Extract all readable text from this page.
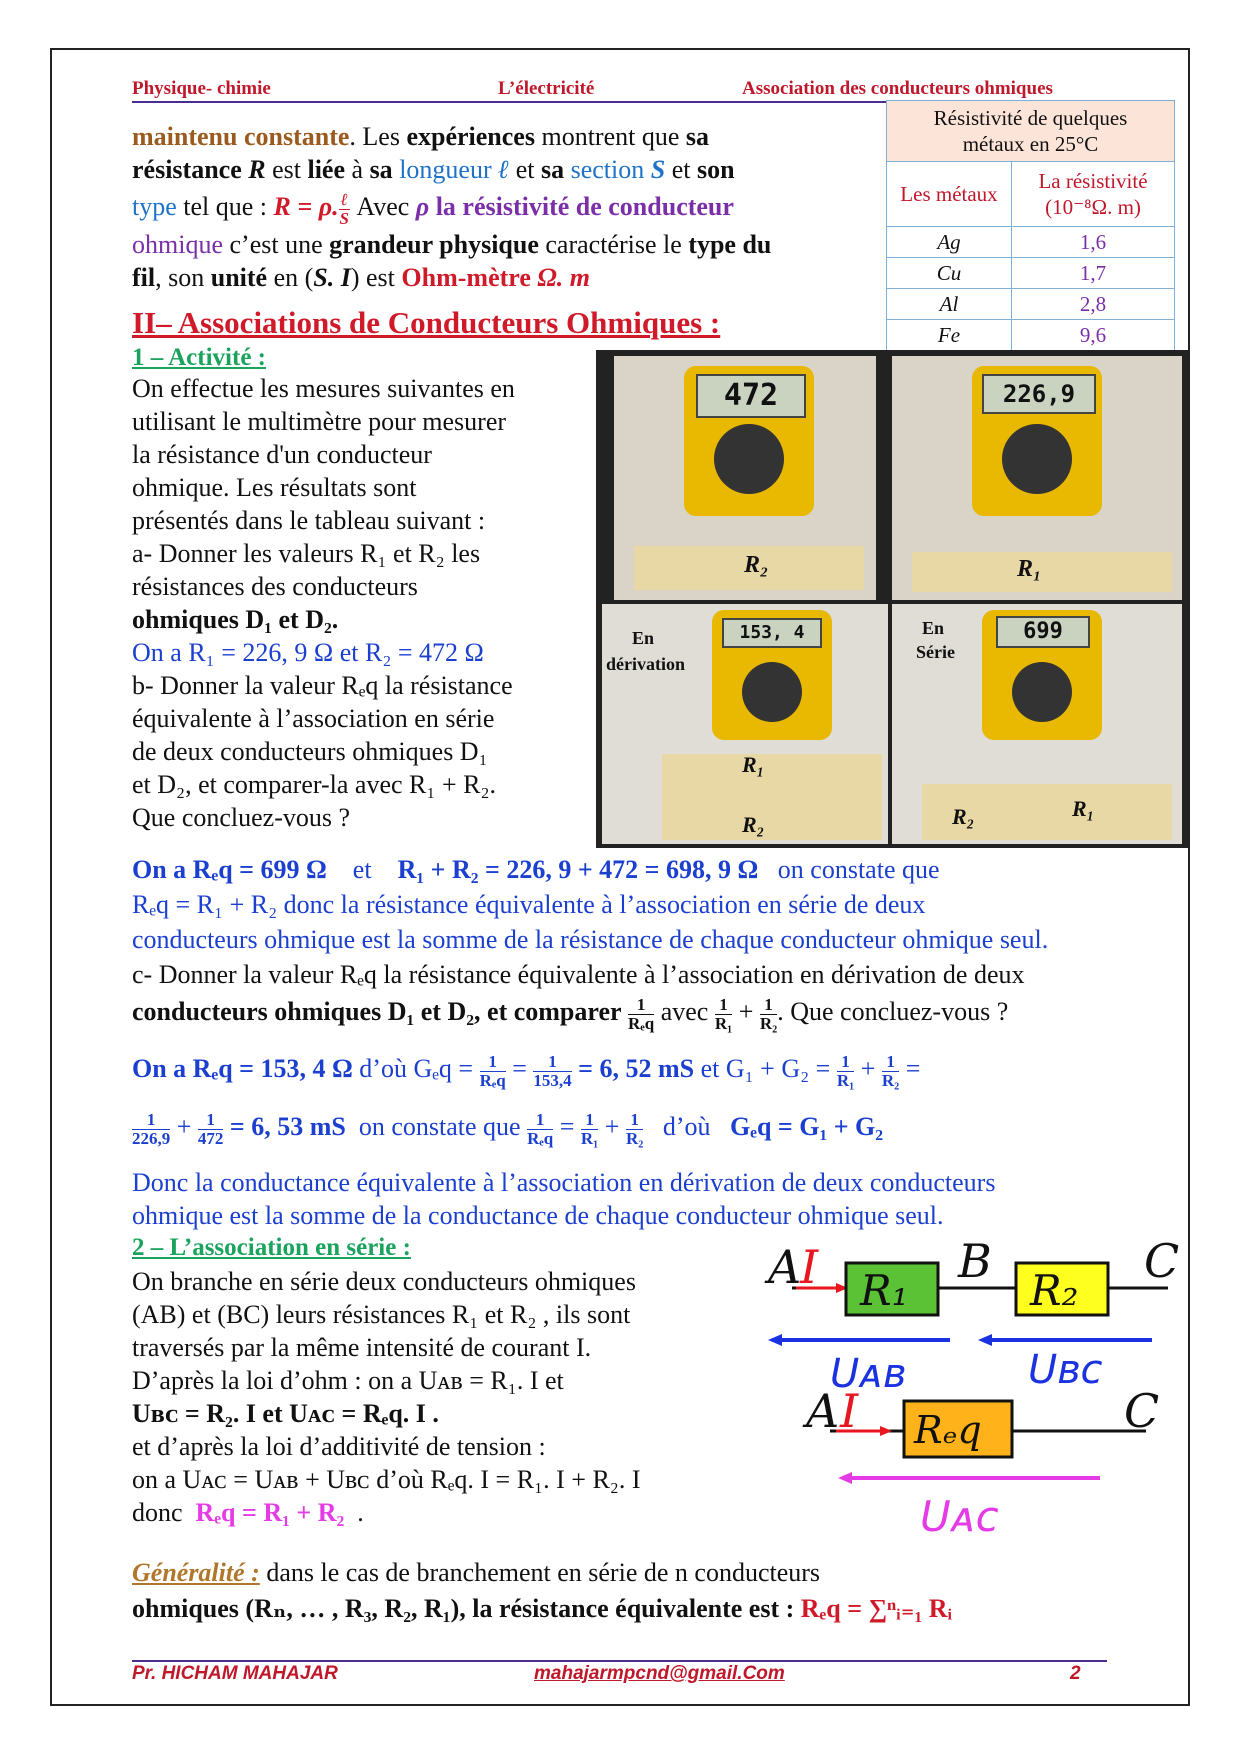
Physique- chimie	L’électricité	Association des conducteurs ohmiques
maintenu constante. Les expériences montrent que sa
résistance R est liée à sa longueur ℓ et sa section S et son
type tel que : R = ρ. $\frac{\text{ℓ}}{S}$ Avec ρ la résistivité de conducteur
ohmique c’est une grandeur physique caractérise le type du
fil, son unité en (S. I) est Ohm-mètre Ω. m
Résistivité de quelques
métaux en 25°C	

Les métaux	La résistivité
(10⁻⁸Ω. m)

Ag	1,6
Cu	1,7
Al	2,8
Fe	9,6
II– Associations de Conducteurs Ohmiques :
1 – Activité :
On effectue les mesures suivantes en
utilisant le multimètre pour mesurer
la résistance d'un conducteur
ohmique. Les résultats sont
présentés dans le tableau suivant :
a- Donner les valeurs R₁ et R₂ les
résistances des conducteurs
ohmiques D₁ et D₂.
On a R₁ = 226, 9 Ω et R₂ = 472 Ω
b- Donner la valeur Rₑq la résistance
équivalente à l’association en série
de deux conducteurs ohmiques D₁
et D₂, et comparer-la avec R₁ + R₂.
Que concluez-vous ?
472
R₂
226,9
R₁
En
dérivation
153, 4
R₁
R₂
En
Série
699
R₂	R₁
On a Rₑq = 699 Ω et R₁ + R₂ = 226, 9 + 472 = 698, 9 Ω on constate que
Rₑq = R₁ + R₂ donc la résistance équivalente à l’association en série de deux
conducteurs ohmique est la somme de la résistance de chaque conducteur ohmique seul.
c- Donner la valeur Rₑq la résistance équivalente à l’association en dérivation de deux
conducteurs ohmiques D₁ et D₂, et comparer $\frac{1}{\text{Rₑq}}$ avec $\frac{1}{\text{R₁}} + \frac{1}{\text{R₂}}$ . Que concluez-vous ?
On a Rₑq = 153, 4 Ω d’où $G_eq = \frac{1}{\text{Rₑq}} = \frac{1}{153,4} = 6$, 52 mS et $G_1 + G_2 = \frac{1}{\text{R₁}} + \frac{1}{\text{R₂}}$ =
$\frac{1}{226,9} + \frac{1}{472} = 6$, 53 mS on constate que $\frac{1}{\text{Rₑq}} = \frac{1}{\text{R₁}} + \frac{1}{\text{R₂}}$ d’où Gₑq = G₁ + G₂
Donc la conductance équivalente à l’association en dérivation de deux conducteurs
ohmique est la somme de la conductance de chaque conducteur ohmique seul.
2 – L’association en série :
On branche en série deux conducteurs ohmiques
(AB) et (BC) leurs résistances R₁ et R₂ , ils sont
traversés par la même intensité de courant I.
D’après la loi d’ohm : on a Uᴀʙ = R₁. I et
Uʙᴄ = R₂. I et Uᴀᴄ = Rₑq. I .
et d’après la loi d’additivité de tension :
on a Uᴀᴄ = Uᴀʙ + Uʙᴄ d’où Rₑq. I = R₁. I + R₂. I
donc Rₑq = R₁ + R₂ .
A
I	B	C
R₁	R₂
Uᴀʙ	Uʙᴄ
A I	C
Rₑq
Uᴀᴄ
Généralité : dans le cas de branchement en série de n conducteurs
ohmiques (Rₙ, … , R₃, R₂, R₁), la résistance équivalente est : Rₑq = ∑ⁿᵢ₌₁ Rᵢ
Pr. HICHAM MAHAJAR	mahajarmpcnd@gmail.Com	2
